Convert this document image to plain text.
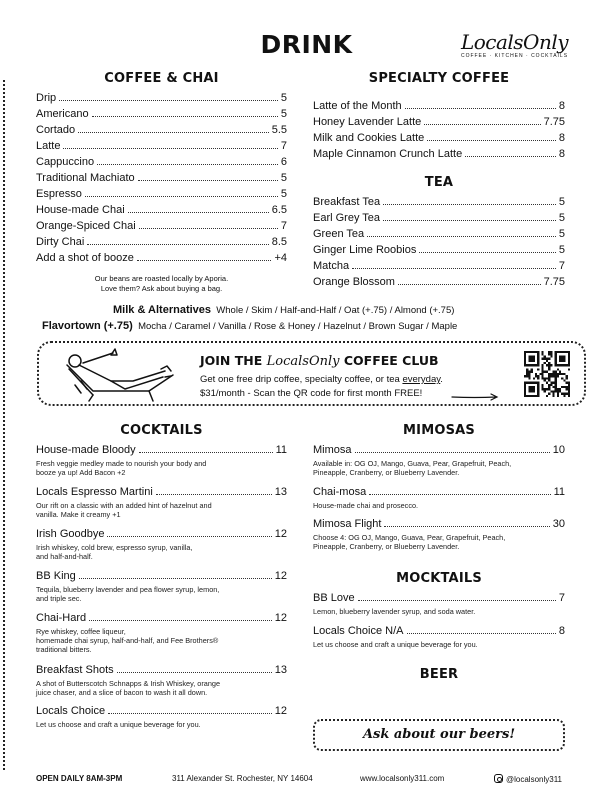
DRINK	LocalsOnly
COFFEE · KITCHEN · COCKTAILS
COFFEE & CHAI
Drip	5
Americano	5
Cortado	5.5
Latte	7
Cappuccino	6
Traditional Machiato	5
Espresso	5
House-made Chai	6.5
Orange-Spiced Chai	7
Dirty Chai	8.5
Add a shot of booze	+4
Our beans are roasted locally by Aporia.
Love them? Ask about buying a bag.
SPECIALTY COFFEE
Latte of the Month	8
Honey Lavender Latte	7.75
Milk and Cookies Latte	8
Maple Cinnamon Crunch Latte	8
TEA
Breakfast Tea	5
Earl Grey Tea	5
Green Tea	5
Ginger Lime Roobios	5
Matcha	7
Orange Blossom	7.75
Milk & Alternatives Whole / Skim / Half-and-Half / Oat (+.75) / Almond (+.75)
Flavortown (+.75) Mocha / Caramel / Vanilla / Rose & Honey / Hazelnut / Brown Sugar / Maple
JOIN THE LocalsOnly COFFEE CLUB
Get one free drip coffee, specialty coffee, or tea everyday.
$31/month - Scan the QR code for first month FREE!
COCKTAILS
House-made Bloody	11
Fresh veggie medley made to nourish your body and
booze ya up! Add Bacon +2
Locals Espresso Martini	13
Our rift on a classic with an added hint of hazelnut and
vanilla. Make it creamy +1
Irish Goodbye	12
Irish whiskey, cold brew, espresso syrup, vanilla,
and half-and-half.
BB King	12
Tequila, blueberry lavender and pea flower syrup, lemon,
and triple sec.
Chai-Hard	12
Rye whiskey, coffee liqueur,
homemade chai syrup, half-and-half, and Fee Brothers®
traditional bitters.
Breakfast Shots	13
A shot of Butterscotch Schnapps & Irish Whiskey, orange
juice chaser, and a slice of bacon to wash it all down.
Locals Choice	12
Let us choose and craft a unique beverage for you.
MIMOSAS
Mimosa	10
Available in: OG OJ, Mango, Guava, Pear, Grapefruit, Peach,
Pineapple, Cranberry, or Blueberry Lavender.
Chai-mosa	11
House-made chai and prosecco.
Mimosa Flight	30
Choose 4: OG OJ, Mango, Guava, Pear, Grapefruit, Peach,
Pineapple, Cranberry, or Blueberry Lavender.
MOCKTAILS
BB Love	7
Lemon, blueberry lavender syrup, and soda water.
Locals Choice N/A	8
Let us choose and craft a unique beverage for you.
BEER
Ask about our beers!
OPEN DAILY 8AM-3PM	311 Alexander St. Rochester, NY 14604	www.localsonly311.com	@localsonly311
